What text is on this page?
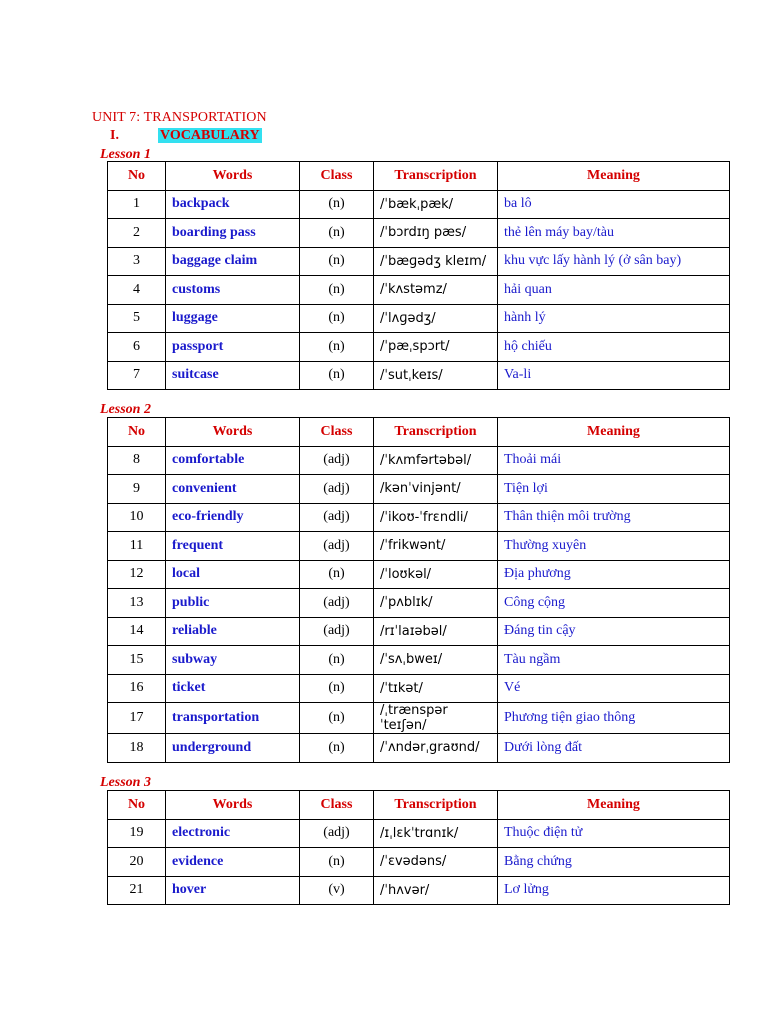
UNIT 7: TRANSPORTATION
I.	VOCABULARY
Lesson 1
No	Words	Class	Transcription	Meaning
1	backpack	(n)	/ˈbækˌpæk/	ba lô
2	boarding pass	(n)	/ˈbɔrdɪŋ pæs/	thẻ lên máy bay/tàu
3	baggage claim	(n)	/ˈbæɡədʒ kleɪm/	khu vực lấy hành lý (ở sân bay)
4	customs	(n)	/ˈkʌstəmz/	hải quan
5	luggage	(n)	/ˈlʌɡədʒ/	hành lý
6	passport	(n)	/ˈpæˌspɔrt/	hộ chiếu
7	suitcase	(n)	/ˈsutˌkeɪs/	Va-li
Lesson 2
No	Words	Class	Transcription	Meaning
8	comfortable	(adj)	/ˈkʌmfərtəbəl/	Thoải mái
9	convenient	(adj)	/kənˈvinjənt/	Tiện lợi
10	eco-friendly	(adj)	/ˈikoʊ-ˈfrɛndli/	Thân thiện môi trường
11	frequent	(adj)	/ˈfrikwənt/	Thường xuyên
12	local	(n)	/ˈloʊkəl/	Địa phương
13	public	(adj)	/ˈpʌblɪk/	Công cộng
14	reliable	(adj)	/rɪˈlaɪəbəl/	Đáng tin cậy
15	subway	(n)	/ˈsʌˌbweɪ/	Tàu ngầm
16	ticket	(n)	/ˈtɪkət/	Vé
17	transportation	(n)	/ˌtrænspərˈteɪʃən/	Phương tiện giao thông
18	underground	(n)	/ˈʌndərˌgraʊnd/	Dưới lòng đất
Lesson 3
No	Words	Class	Transcription	Meaning
19	electronic	(adj)	/ɪˌlɛkˈtrɑnɪk/	Thuộc điện tử
20	evidence	(n)	/ˈɛvədəns/	Bằng chứng
21	hover	(v)	/ˈhʌvər/	Lơ lửng
